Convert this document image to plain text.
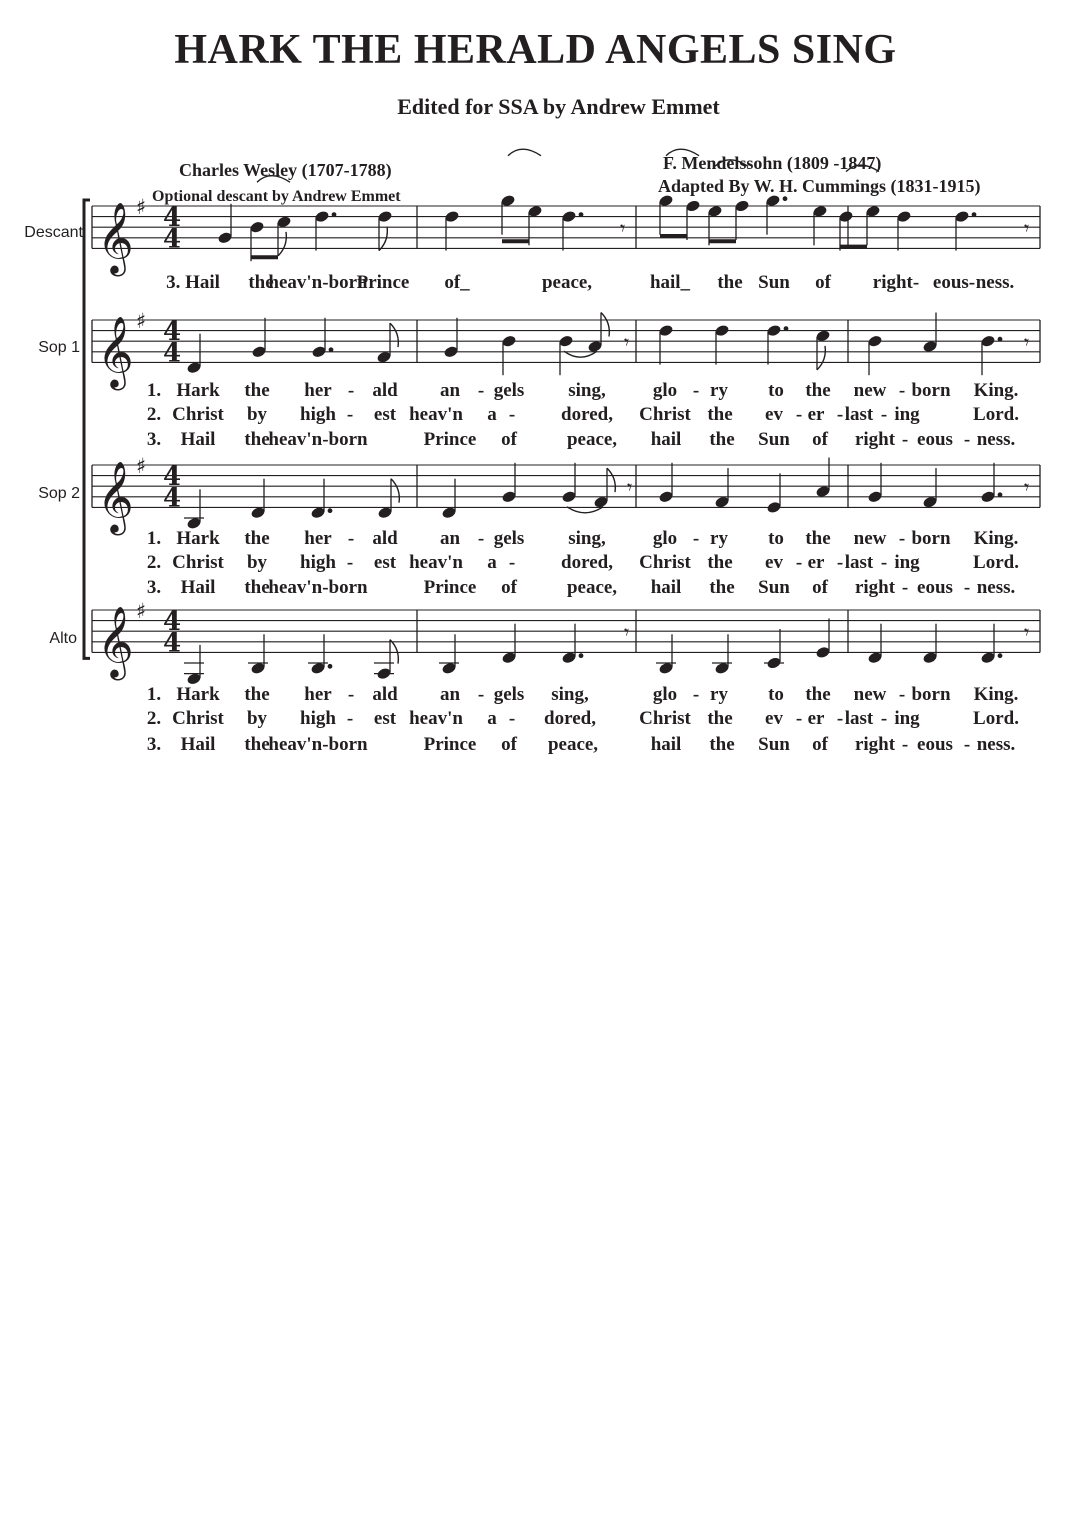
HARK THE HERALD ANGELS SING
Edited for SSA by Andrew Emmet
Charles Wesley (1707-1788)
Optional descant by Andrew Emmet
F. Mendelssohn (1809 -1847)
Adapted By W. H. Cummings (1831-1915)
Descant
Sop 1
Sop 2
Alto
𝄞 ♯ 4
4
𝄞 ♯ 4
4
𝄞 ♯ 4
4
𝄞 ♯ 4
4
𝄾	𝄾
𝄾	𝄾
𝄾	𝄾
𝄾	𝄾
3. Hail the
heav'n-born
Prince of_	peace,	hail_ the Sun of right- eous- ness.
1. Hark the her - ald an - gels sing, glo - ry to the new - born King.
2. Christ by high - est heav'n a - dored, Christ the ev - er - last - ing	Lord.
3. Hail the
heav'n-born	Prince of	peace, hail the Sun of right - eous - ness.
1. Hark the her - ald an - gels sing, glo - ry to the new - born King.
2. Christ by high - est heav'n a - dored, Christ the ev - er - last - ing	Lord.
3. Hail the
heav'n-born	Prince of	peace, hail the Sun of right - eous - ness.
1. Hark the her - ald an - gels sing,	glo - ry to the new - born King.
2. Christ by high - est heav'n a - dored, Christ the ev - er - last - ing	Lord.
3. Hail the
heav'n-born	Prince of peace,	hail the Sun of right - eous - ness.
